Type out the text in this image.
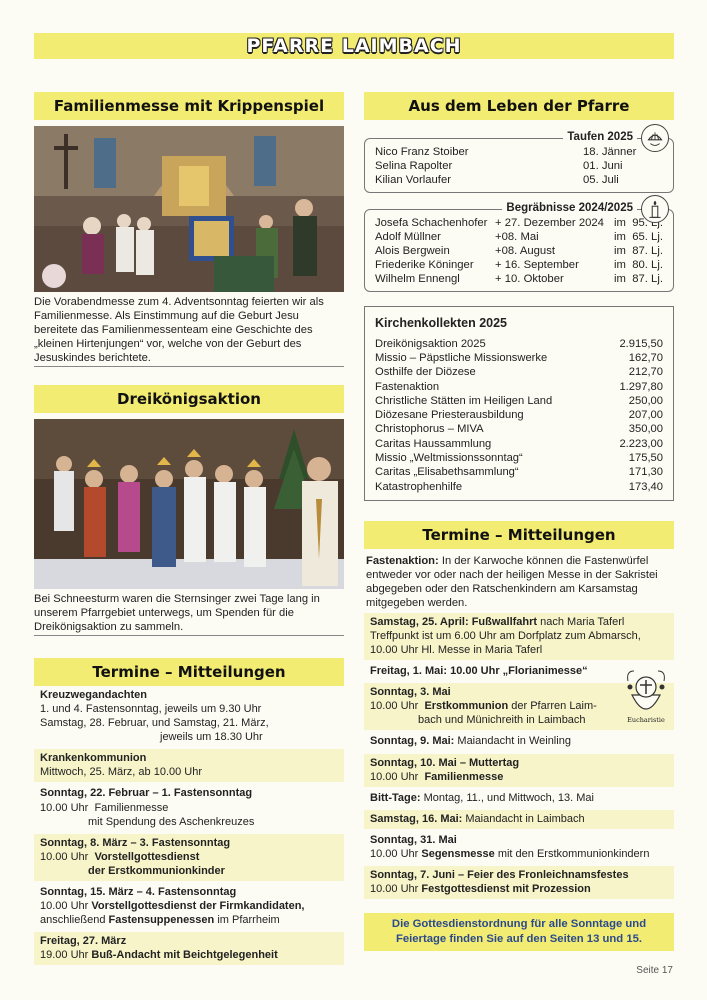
PFARRE LAIMBACH
Familienmesse mit Krippenspiel
Die Vorabendmesse zum 4. Adventsonntag feierten wir als Familienmesse. Als Einstimmung auf die Geburt Jesu bereitete das Familienmessenteam eine Geschichte des „kleinen Hirtenjungen“ vor, welche von der Geburt des Jesuskindes berichtete.
Dreikönigsaktion
Bei Schneesturm waren die Sternsinger zwei Tage lang in unserem Pfarrgebiet unterwegs, um Spenden für die Dreikönigsaktion zu sammeln.
Termine – Mitteilungen
Kreuzwegandachten
1. und 4. Fastensonntag, jeweils um 9.30 Uhr
Samstag, 28. Februar, und Samstag, 21. März,
jeweils um 18.30 Uhr
Krankenkommunion
Mittwoch, 25. März, ab 10.00 Uhr
Sonntag, 22. Februar – 1. Fastensonntag
10.00 Uhr Familienmesse
mit Spendung des Aschenkreuzes
Sonntag, 8. März – 3. Fastensonntag
10.00 Uhr Vorstellgottesdienst
der Erstkommunionkinder
Sonntag, 15. März – 4. Fastensonntag
10.00 Uhr Vorstellgottesdienst der Firmkandidaten,
anschließend Fastensuppenessen im Pfarrheim
Freitag, 27. März
19.00 Uhr Buß-Andacht mit Beichtgelegenheit
Aus dem Leben der Pfarre
Taufen 2025
Nico Franz Stoiber	18. Jänner
Selina Rapolter	01. Juni
Kilian Vorlaufer	05. Juli
Begräbnisse 2024/2025
Josefa Schachenhofer + 27. Dezember 2024 im  95. Lj.
Adolf Müllner	+08. Mai	im  65. Lj.
Alois Bergwein	+08. August	im  87. Lj.
Friederike Köninger	+ 16. September	im  80. Lj.
Wilhelm Ennengl	+ 10. Oktober	im  87. Lj.
Kirchenkollekten 2025
Dreikönigsaktion 2025	2.915,50
Missio – Päpstliche Missionswerke	162,70
Osthilfe der Diözese	212,70
Fastenaktion	1.297,80
Christliche Stätten im Heiligen Land	250,00
Diözesane Priesterausbildung	207,00
Christophorus – MIVA	350,00
Caritas Haussammlung	2.223,00
Missio „Weltmissionssonntag“	175,50
Caritas „Elisabethsammlung“	171,30
Katastrophenhilfe	173,40
Termine – Mitteilungen
Fastenaktion: In der Karwoche können die Fastenwürfel entweder vor oder nach der heiligen Messe in der Sakristei abgegeben oder den Ratschenkindern am Karsamstag mitgegeben werden.
Samstag, 25. April: Fußwallfahrt nach Maria Taferl
Treffpunkt ist um 6.00 Uhr am Dorfplatz zum Abmarsch,
10.00 Uhr Hl. Messe in Maria Taferl
Freitag, 1. Mai: 10.00 Uhr „Florianimesse“
Sonntag, 3. Mai
10.00 Uhr Erstkommunion der Pfarren Laim-
bach und Münichreith in Laimbach	Eucharistie
Sonntag, 9. Mai: Maiandacht in Weinling
Sonntag, 10. Mai – Muttertag
10.00 Uhr Familienmesse
Bitt-Tage: Montag, 11., und Mittwoch, 13. Mai
Samstag, 16. Mai: Maiandacht in Laimbach
Sonntag, 31. Mai
10.00 Uhr Segensmesse mit den Erstkommunionkindern
Sonntag, 7. Juni – Feier des Fronleichnamsfestes
10.00 Uhr Festgottesdienst mit Prozession
Die Gottesdienstordnung für alle Sonntage und Feiertage finden Sie auf den Seiten 13 und 15.
Seite 17
